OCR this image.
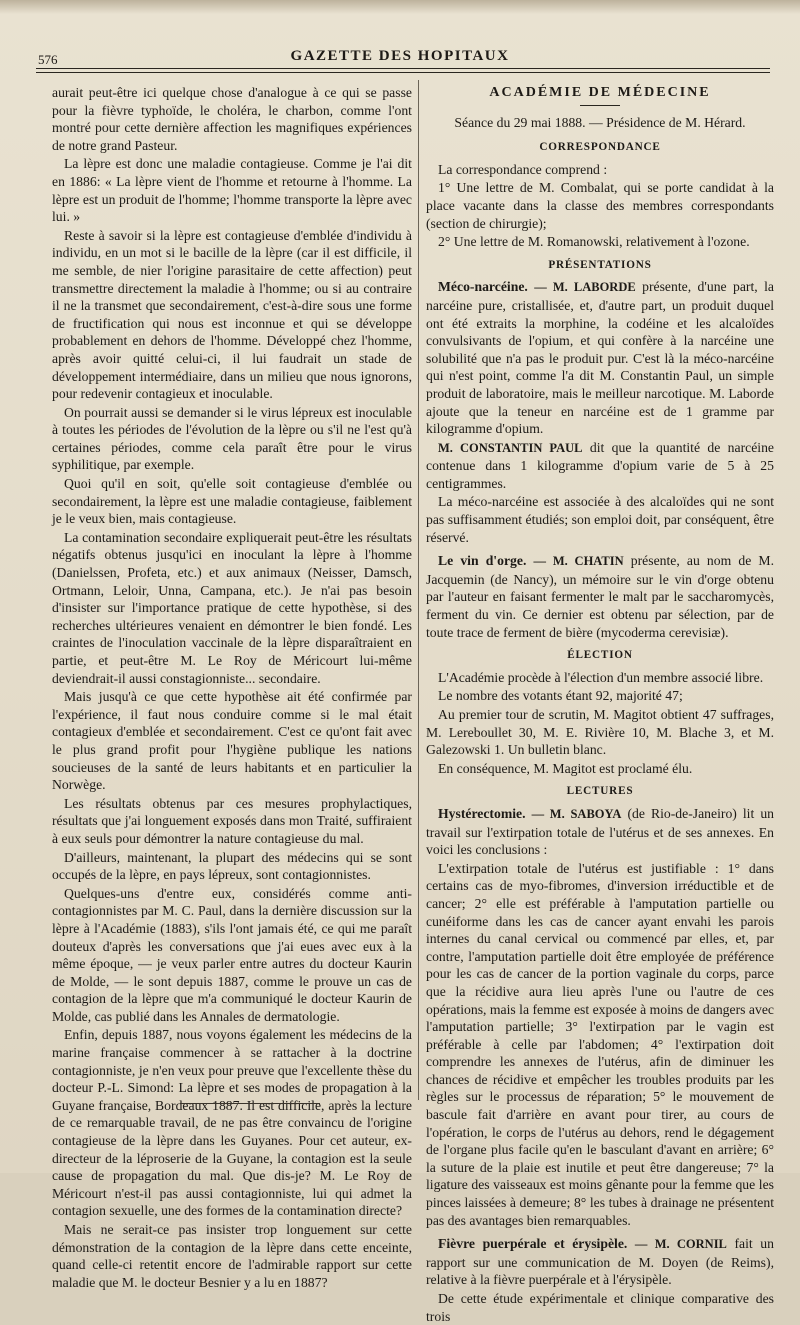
576	GAZETTE DES HOPITAUX

aurait peut-être ici quelque chose d'analogue à ce qui se passe pour la fièvre typhoïde, le choléra, le charbon, comme l'ont montré pour cette dernière affection les magnifiques expériences de notre grand Pasteur.

La lèpre est donc une maladie contagieuse. Comme je l'ai dit en 1886: « La lèpre vient de l'homme et retourne à l'homme. La lèpre est un produit de l'homme; l'homme transporte la lèpre avec lui. »

Reste à savoir si la lèpre est contagieuse d'emblée d'individu à individu, en un mot si le bacille de la lèpre (car il est difficile, il me semble, de nier l'origine parasitaire de cette affection) peut transmettre directement la maladie à l'homme; ou si au contraire il ne la transmet que secondairement, c'est-à-dire sous une forme de fructification qui nous est inconnue et qui se développe probablement en dehors de l'homme. Développé chez l'homme, après avoir quitté celui-ci, il lui faudrait un stade de développement intermédiaire, dans un milieu que nous ignorons, pour redevenir contagieux et inoculable.

On pourrait aussi se demander si le virus lépreux est inoculable à toutes les périodes de l'évolution de la lèpre ou s'il ne l'est qu'à certaines périodes, comme cela paraît être pour le virus syphilitique, par exemple.

Quoi qu'il en soit, qu'elle soit contagieuse d'emblée ou secondairement, la lèpre est une maladie contagieuse, faiblement je le veux bien, mais contagieuse.

La contamination secondaire expliquerait peut-être les résultats négatifs obtenus jusqu'ici en inoculant la lèpre à l'homme (Danielssen, Profeta, etc.) et aux animaux (Neisser, Damsch, Ortmann, Leloir, Unna, Campana, etc.). Je n'ai pas besoin d'insister sur l'importance pratique de cette hypothèse, si des recherches ultérieures venaient en démontrer le bien fondé. Les craintes de l'inoculation vaccinale de la lèpre disparaîtraient en partie, et peut-être M. Le Roy de Méricourt lui-même deviendrait-il aussi constagionniste... secondaire.

Mais jusqu'à ce que cette hypothèse ait été confirmée par l'expérience, il faut nous conduire comme si le mal était contagieux d'emblée et secondairement. C'est ce qu'ont fait avec le plus grand profit pour l'hygiène publique les nations soucieuses de la santé de leurs habitants et en particulier la Norwège.

Les résultats obtenus par ces mesures prophylactiques, résultats que j'ai longuement exposés dans mon Traité, suffiraient à eux seuls pour démontrer la nature contagieuse du mal.

D'ailleurs, maintenant, la plupart des médecins qui se sont occupés de la lèpre, en pays lépreux, sont contagionnistes.

Quelques-uns d'entre eux, considérés comme anti-contagionnistes par M. C. Paul, dans la dernière discussion sur la lèpre à l'Académie (1883), s'ils l'ont jamais été, ce qui me paraît douteux d'après les conversations que j'ai eues avec eux à la même époque, — je veux parler entre autres du docteur Kaurin de Molde, — le sont depuis 1887, comme le prouve un cas de contagion de la lèpre que m'a communiqué le docteur Kaurin de Molde, cas publié dans les Annales de dermatologie.

Enfin, depuis 1887, nous voyons également les médecins de la marine française commencer à se rattacher à la doctrine contagionniste, je n'en veux pour preuve que l'excellente thèse du docteur P.-L. Simond: La lèpre et ses modes de propagation à la Guyane française, Bordeaux 1887. Il est difficile, après la lecture de ce remarquable travail, de ne pas être convaincu de l'origine contagieuse de la lèpre dans les Guyanes. Pour cet auteur, ex-directeur de la léproserie de la Guyane, la contagion est la seule cause de propagation du mal. Que dis-je? M. Le Roy de Méricourt n'est-il pas aussi contagionniste, lui qui admet la contagion sexuelle, une des formes de la contamination directe?

Mais ne serait-ce pas insister trop longuement sur cette démonstration de la contagion de la lèpre dans cette enceinte, quand celle-ci retentit encore de l'admirable rapport sur cette maladie que M. le docteur Besnier y a lu en 1887?

ACADÉMIE DE MÉDECINE
Séance du 29 mai 1888. — Présidence de M. Hérard.
CORRESPONDANCE

La correspondance comprend :

1° Une lettre de M. Combalat, qui se porte candidat à la place vacante dans la classe des membres correspondants (section de chirurgie);

2° Une lettre de M. Romanowski, relativement à l'ozone.

PRÉSENTATIONS

Méco-narcéine. — M. LABORDE présente, d'une part, la narcéine pure, cristallisée, et, d'autre part, un produit duquel ont été extraits la morphine, la codéine et les alcaloïdes convulsivants de l'opium, et qui confère à la narcéine une solubilité que n'a pas le produit pur. C'est là la méco-narcéine qui n'est point, comme l'a dit M. Constantin Paul, un simple produit de laboratoire, mais le meilleur narcotique. M. Laborde ajoute que la teneur en narcéine est de 1 gramme par kilogramme d'opium.

M. CONSTANTIN PAUL dit que la quantité de narcéine contenue dans 1 kilogramme d'opium varie de 5 à 25 centigrammes.

La méco-narcéine est associée à des alcaloïdes qui ne sont pas suffisamment étudiés; son emploi doit, par conséquent, être réservé.

Le vin d'orge. — M. CHATIN présente, au nom de M. Jacquemin (de Nancy), un mémoire sur le vin d'orge obtenu par l'auteur en faisant fermenter le malt par le saccharomycès, ferment du vin. Ce dernier est obtenu par sélection, par de toute trace de ferment de bière (mycoderma cerevisiæ).

ÉLECTION

L'Académie procède à l'élection d'un membre associé libre.

Le nombre des votants étant 92, majorité 47;

Au premier tour de scrutin, M. Magitot obtient 47 suffrages, M. Lereboullet 30, M. E. Rivière 10, M. Blache 3, et M. Galezowski 1. Un bulletin blanc.

En conséquence, M. Magitot est proclamé élu.

LECTURES

Hystérectomie. — M. SABOYA (de Rio-de-Janeiro) lit un travail sur l'extirpation totale de l'utérus et de ses annexes. En voici les conclusions :

L'extirpation totale de l'utérus est justifiable : 1° dans certains cas de myo-fibromes, d'inversion irréductible et de cancer; 2° elle est préférable à l'amputation partielle ou cunéiforme dans les cas de cancer ayant envahi les parois internes du canal cervical ou commencé par elles, et, par contre, l'amputation partielle doit être employée de préférence pour les cas de cancer de la portion vaginale du corps, parce que la récidive aura lieu après l'une ou l'autre de ces opérations, mais la femme est exposée à moins de dangers avec l'amputation partielle; 3° l'extirpation par le vagin est préférable à celle par l'abdomen; 4° l'extirpation doit comprendre les annexes de l'utérus, afin de diminuer les chances de récidive et empêcher les troubles produits par les règles sur le processus de réparation; 5° le mouvement de bascule fait d'arrière en avant pour tirer, au cours de l'opération, le corps de l'utérus au dehors, rend le dégagement de l'organe plus facile qu'en le basculant d'avant en arrière; 6° la suture de la plaie est inutile et peut être dangereuse; 7° la ligature des vaisseaux est moins gênante pour la femme que les pinces laissées à demeure; 8° les tubes à drainage ne présentent pas des avantages bien remarquables.

Fièvre puerpérale et érysipèle. — M. CORNIL fait un rapport sur une communication de M. Doyen (de Reims), relative à la fièvre puerpérale et à l'érysipèle.

De cette étude expérimentale et clinique comparative des trois
